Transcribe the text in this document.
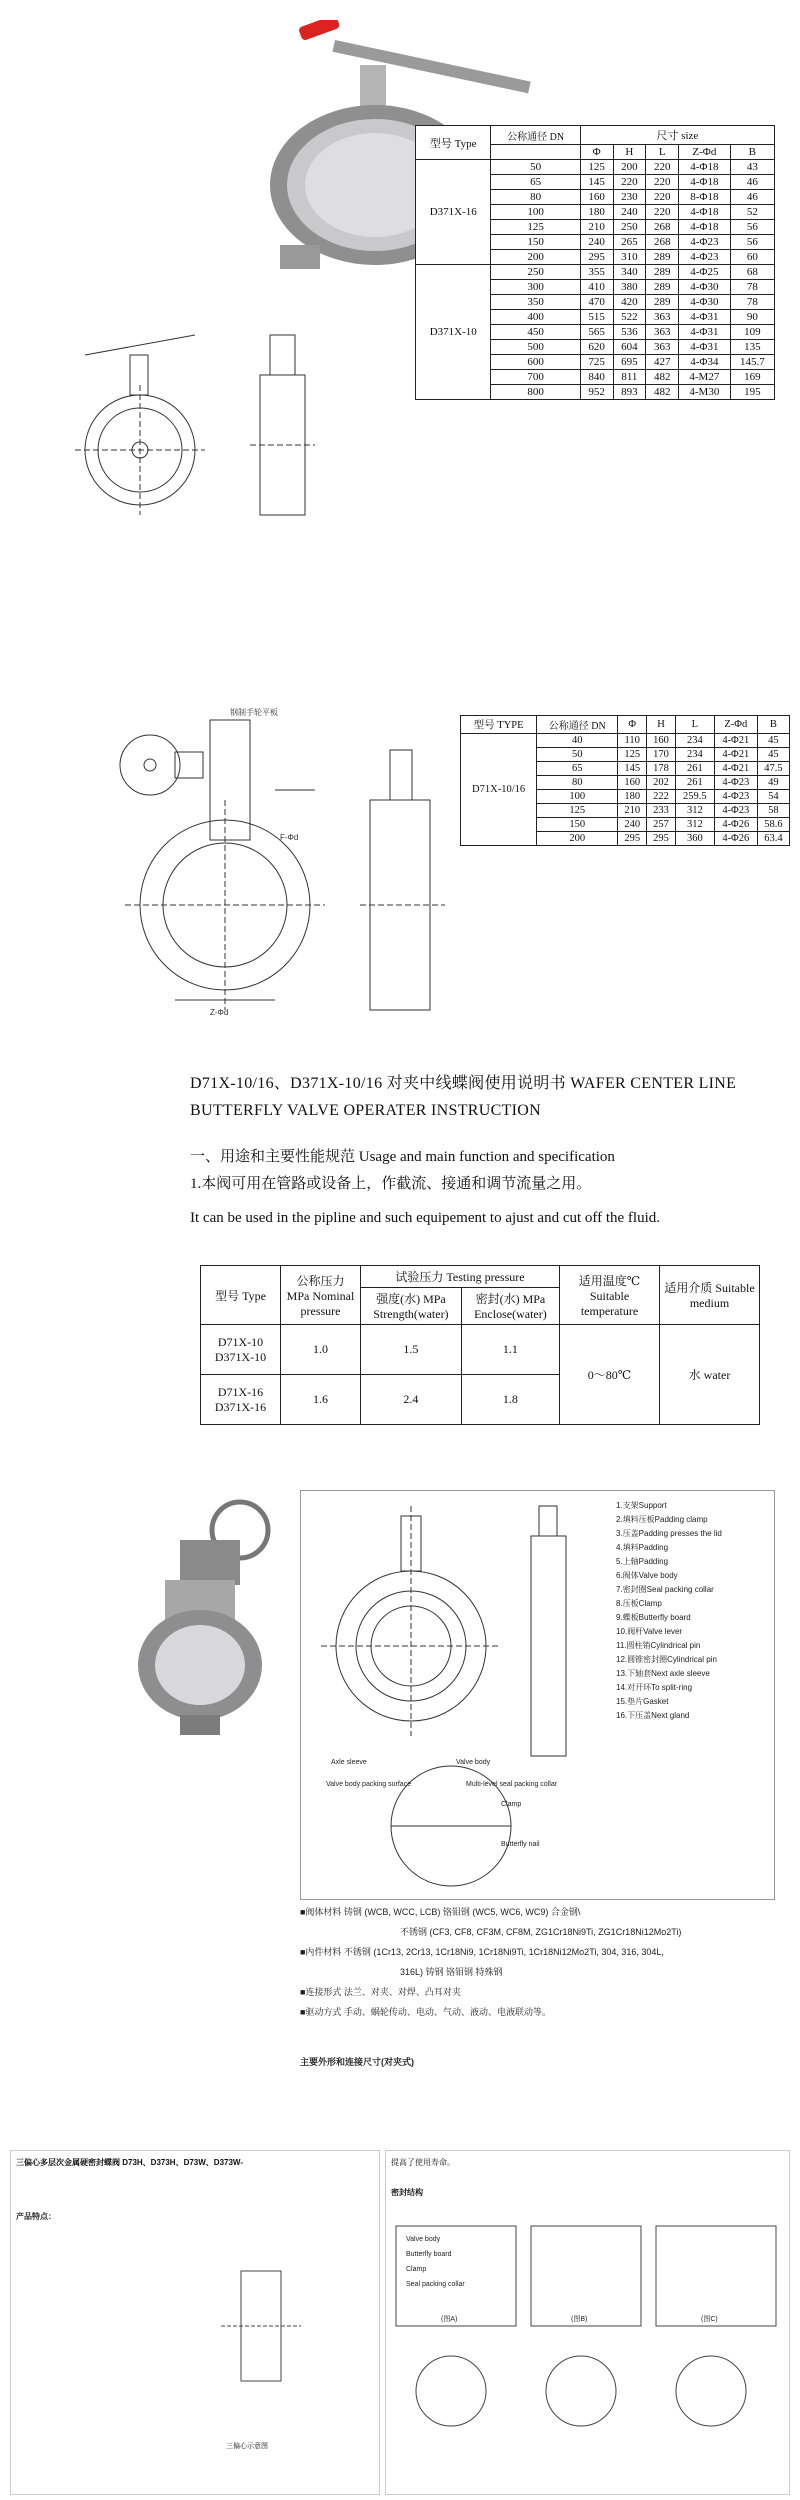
型号 Type	公称通径 DN	尺寸 size				
		Φ	H	L	Z-Φd	B
D371X-16	50	125	200	220	4-Φ18	43
	65	145	220	220	4-Φ18	46
	80	160	230	220	8-Φ18	46
	100	180	240	220	4-Φ18	52
	125	210	250	268	4-Φ18	56
	150	240	265	268	4-Φ23	56
	200	295	310	289	4-Φ23	60
D371X-10	250	355	340	289	4-Φ25	68
	300	410	380	289	4-Φ30	78
	350	470	420	289	4-Φ30	78
	400	515	522	363	4-Φ31	90
	450	565	536	363	4-Φ31	109
	500	620	604	363	4-Φ31	135
	600	725	695	427	4-Φ34	145.7
	700	840	811	482	4-M27	169
	800	952	893	482	4-M30	195
钢制手轮平板
F-Φd
Z-Φd
型号 TYPE	公称通径 DN	Φ	H	L	Z-Φd	B
D71X-10/16	40	110	160	234	4-Φ21	45
	50	125	170	234	4-Φ21	45
	65	145	178	261	4-Φ21	47.5
	80	160	202	261	4-Φ23	49
	100	180	222	259.5	4-Φ23	54
	125	210	233	312	4-Φ23	58
	150	240	257	312	4-Φ26	58.6
	200	295	295	360	4-Φ26	63.4
D71X-10/16、D371X-10/16 对夹中线蝶阀使用说明书 WAFER CENTER LINE
BUTTERFLY VALVE OPERATER INSTRUCTION
一、用途和主要性能规范 Usage and main function and specification
1.本阀可用在管路或设备上，作截流、接通和调节流量之用。
It can be used in the pipline and such equipement to ajust and cut off the fluid.
型号 Type	公称压力 MPa Nominal pressure	试验压力 Testing pressure		适用温度℃ Suitable temperature	适用介质 Suitable medium
		强度(水) MPa Strength(water)	密封(水) MPa Enclose(water)		
D71X-10 D371X-10	1.0	1.5	1.1	0～80℃	水 water
D71X-16 D371X-16	1.6	2.4	1.8		
Axle sleeve	Valve body
Valve body packing surface	Multi-level seal packing collar
Clamp
Butterfly nail
1.支架Support
2.填料压板Padding clamp
3.压盖Padding presses the lid
4.填料Padding
5.上轴Padding
6.阀体Valve body
7.密封圈Seal packing collar
8.压板Clamp
9.蝶板Butterfly board
10.阀杆Valve lever
11.圆柱销Cylindrical pin
12.圆锥密封圈Cylindrical pin
13.下轴套Next axle sleeve
14.对开环To split-ring
15.垫片Gasket
16.下压盖Next gland
■阀体材料 铸钢 (WCB, WCC, LCB) 铬钼钢 (WC5, WC6, WC9) 合金钢\
不锈钢 (CF3, CF8, CF3M, CF8M, ZG1Cr18Ni9Ti, ZG1Cr18Ni12Mo2Ti)
■内件材料 不锈钢 (1Cr13, 2Cr13, 1Cr18Ni9, 1Cr18Ni9Ti, 1Cr18Ni12Mo2Ti, 304, 316, 304L,
316L) 铸钢 铬钼钢 特殊钢
■连接形式 法兰、对夹、对焊、凸耳对夹
■驱动方式 手动、蜗轮传动、电动、气动、液动、电液联动等。
主要外形和连接尺寸(对夹式)
三偏心多层次金属硬密封蝶阀 D73H、D373H、D73W、D373W-
产品特点：
三偏心示意图
提高了使用寿命。
密封结构
Valve body
Butterfly board
Clamp
Seal packing collar
(图A)	(图B)	(图C)
